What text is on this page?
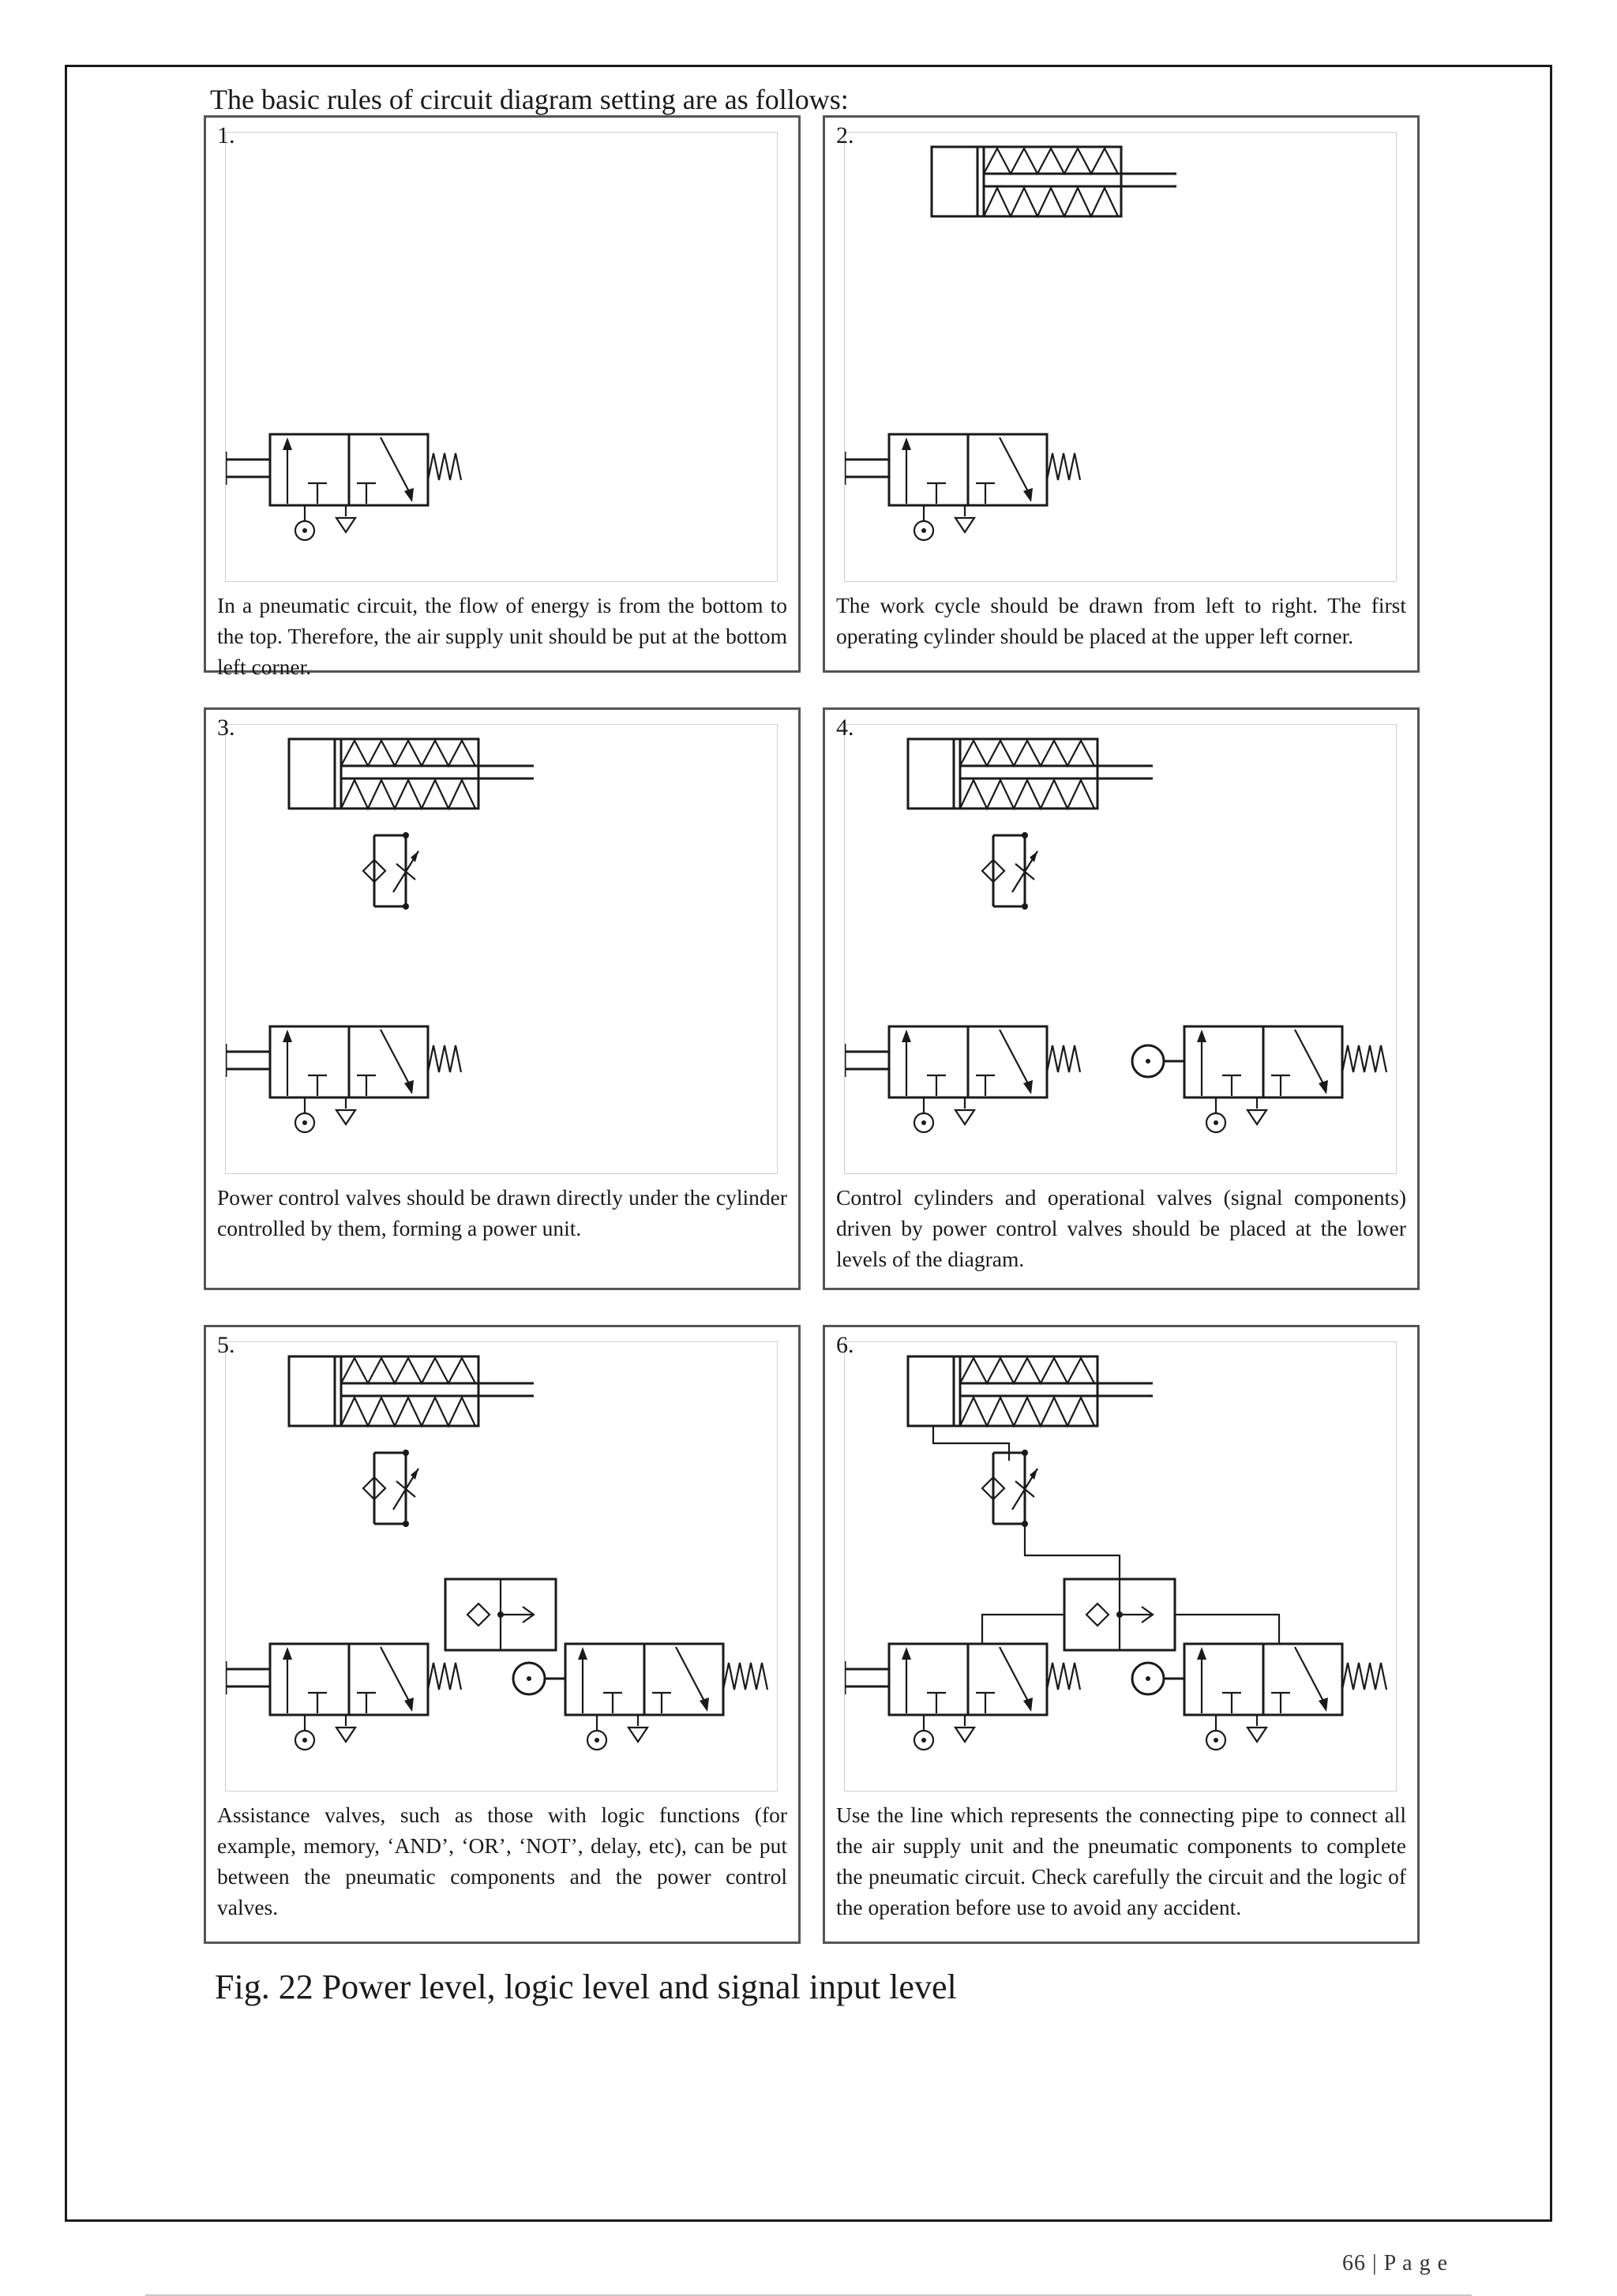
The basic rules of circuit diagram setting are as follows:
1.
In a pneumatic circuit, the flow of energy is from the bottom to the top. Therefore, the air supply unit should be put at the bottom left corner.
2.
The work cycle should be drawn from left to right. The first operating cylinder should be placed at the upper left corner.
3.
Power control valves should be drawn directly under the cylinder controlled by them, forming a power unit.
4.
Control cylinders and operational valves (signal components) driven by power control valves should be placed at the lower levels of the diagram.
5.
Assistance valves, such as those with logic functions (for example, memory, ‘AND’, ‘OR’, ‘NOT’, delay, etc), can be put between the pneumatic components and the power control valves.
6.
Use the line which represents the connecting pipe to connect all the air supply unit and the pneumatic components to complete the pneumatic circuit. Check carefully the circuit and the logic of the operation before use to avoid any accident.
Fig. 22 Power level, logic level and signal input level
66 | P a g e
